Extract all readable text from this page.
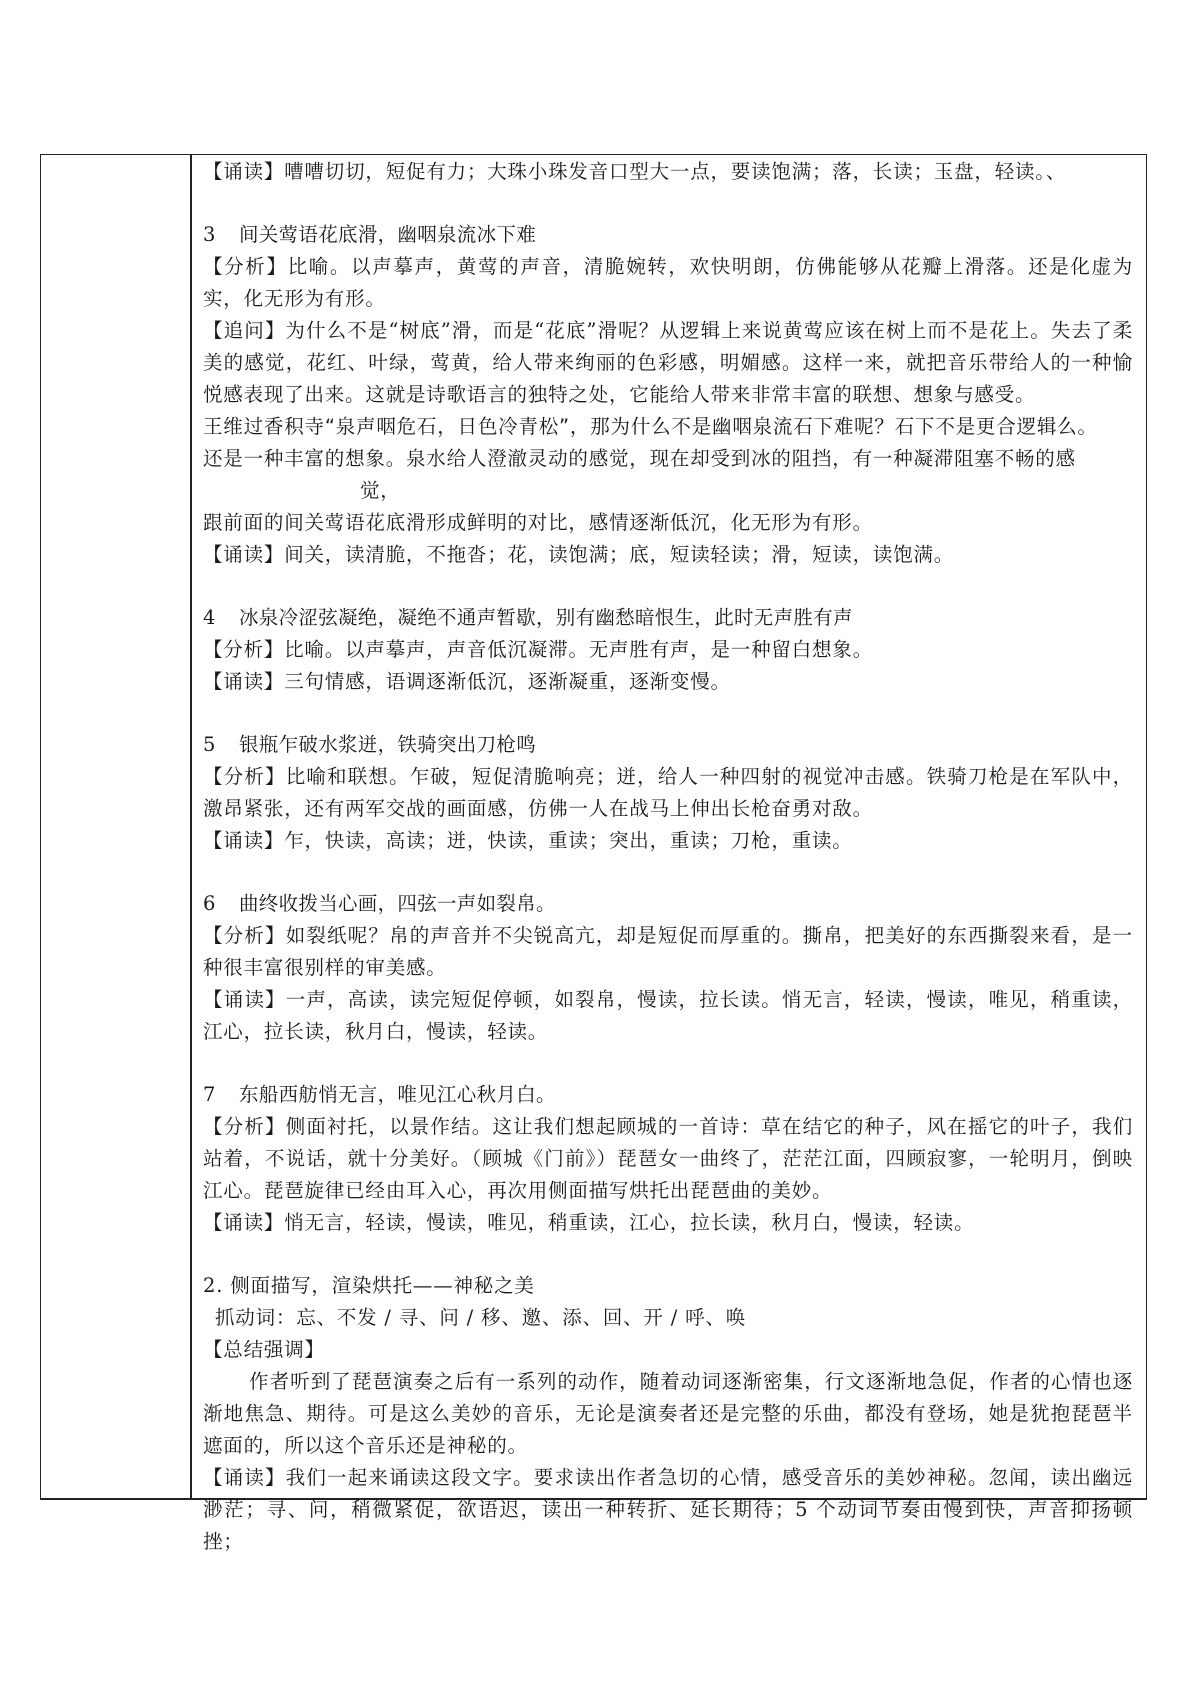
【诵读】嘈嘈切切，短促有力；大珠小珠发音口型大一点，要读饱满；落，长读；玉盘，轻读。、

3 间关莺语花底滑，幽咽泉流冰下难

【分析】比喻。以声摹声，黄莺的声音，清脆婉转，欢快明朗，仿佛能够从花瓣上滑落。还是化虚为实，化无形为有形。

【追问】为什么不是“树底”滑，而是“花底”滑呢？从逻辑上来说黄莺应该在树上而不是花上。失去了柔美的感觉，花红、叶绿，莺黄，给人带来绚丽的色彩感，明媚感。这样一来，就把音乐带给人的一种愉悦感表现了出来。这就是诗歌语言的独特之处，它能给人带来非常丰富的联想、想象与感受。

王维过香积寺“泉声咽危石，日色冷青松”，那为什么不是幽咽泉流石下难呢？石下不是更合逻辑么。

还是一种丰富的想象。泉水给人澄澈灵动的感觉，现在却受到冰的阻挡，有一种凝滞阻塞不畅的感

觉，

跟前面的间关莺语花底滑形成鲜明的对比，感情逐渐低沉，化无形为有形。

【诵读】间关，读清脆，不拖沓；花，读饱满；底，短读轻读；滑，短读，读饱满。

4 冰泉冷涩弦凝绝，凝绝不通声暂歇，别有幽愁暗恨生，此时无声胜有声

【分析】比喻。以声摹声，声音低沉凝滞。无声胜有声，是一种留白想象。

【诵读】三句情感，语调逐渐低沉，逐渐凝重，逐渐变慢。

5 银瓶乍破水浆迸，铁骑突出刀枪鸣

【分析】比喻和联想。乍破，短促清脆响亮；迸，给人一种四射的视觉冲击感。铁骑刀枪是在军队中，激昂紧张，还有两军交战的画面感，仿佛一人在战马上伸出长枪奋勇对敌。

【诵读】乍，快读，高读；迸，快读，重读；突出，重读；刀枪，重读。

6 曲终收拨当心画，四弦一声如裂帛。

【分析】如裂纸呢？帛的声音并不尖锐高亢，却是短促而厚重的。撕帛，把美好的东西撕裂来看，是一种很丰富很别样的审美感。

【诵读】一声，高读，读完短促停顿，如裂帛，慢读，拉长读。悄无言，轻读，慢读，唯见，稍重读，江心，拉长读，秋月白，慢读，轻读。

7 东船西舫悄无言，唯见江心秋月白。

【分析】侧面衬托，以景作结。这让我们想起顾城的一首诗：草在结它的种子，风在摇它的叶子，我们站着，不说话，就十分美好。（顾城《门前》）琵琶女一曲终了，茫茫江面，四顾寂寥，一轮明月，倒映江心。琵琶旋律已经由耳入心，再次用侧面描写烘托出琵琶曲的美妙。

【诵读】悄无言，轻读，慢读，唯见，稍重读，江心，拉长读，秋月白，慢读，轻读。

2. 侧面描写，渲染烘托——神秘之美

抓动词：忘、不发 / 寻、问 / 移、邀、添、回、开 / 呼、唤

【总结强调】

作者听到了琵琶演奏之后有一系列的动作，随着动词逐渐密集，行文逐渐地急促，作者的心情也逐渐地焦急、期待。可是这么美妙的音乐，无论是演奏者还是完整的乐曲，都没有登场，她是犹抱琵琶半遮面的，所以这个音乐还是神秘的。

【诵读】我们一起来诵读这段文字。要求读出作者急切的心情，感受音乐的美妙神秘。忽闻，读出幽远渺茫；寻、问，稍微紧促，欲语迟，读出一种转折、延长期待；5 个动词节奏由慢到快，声音抑扬顿挫；
